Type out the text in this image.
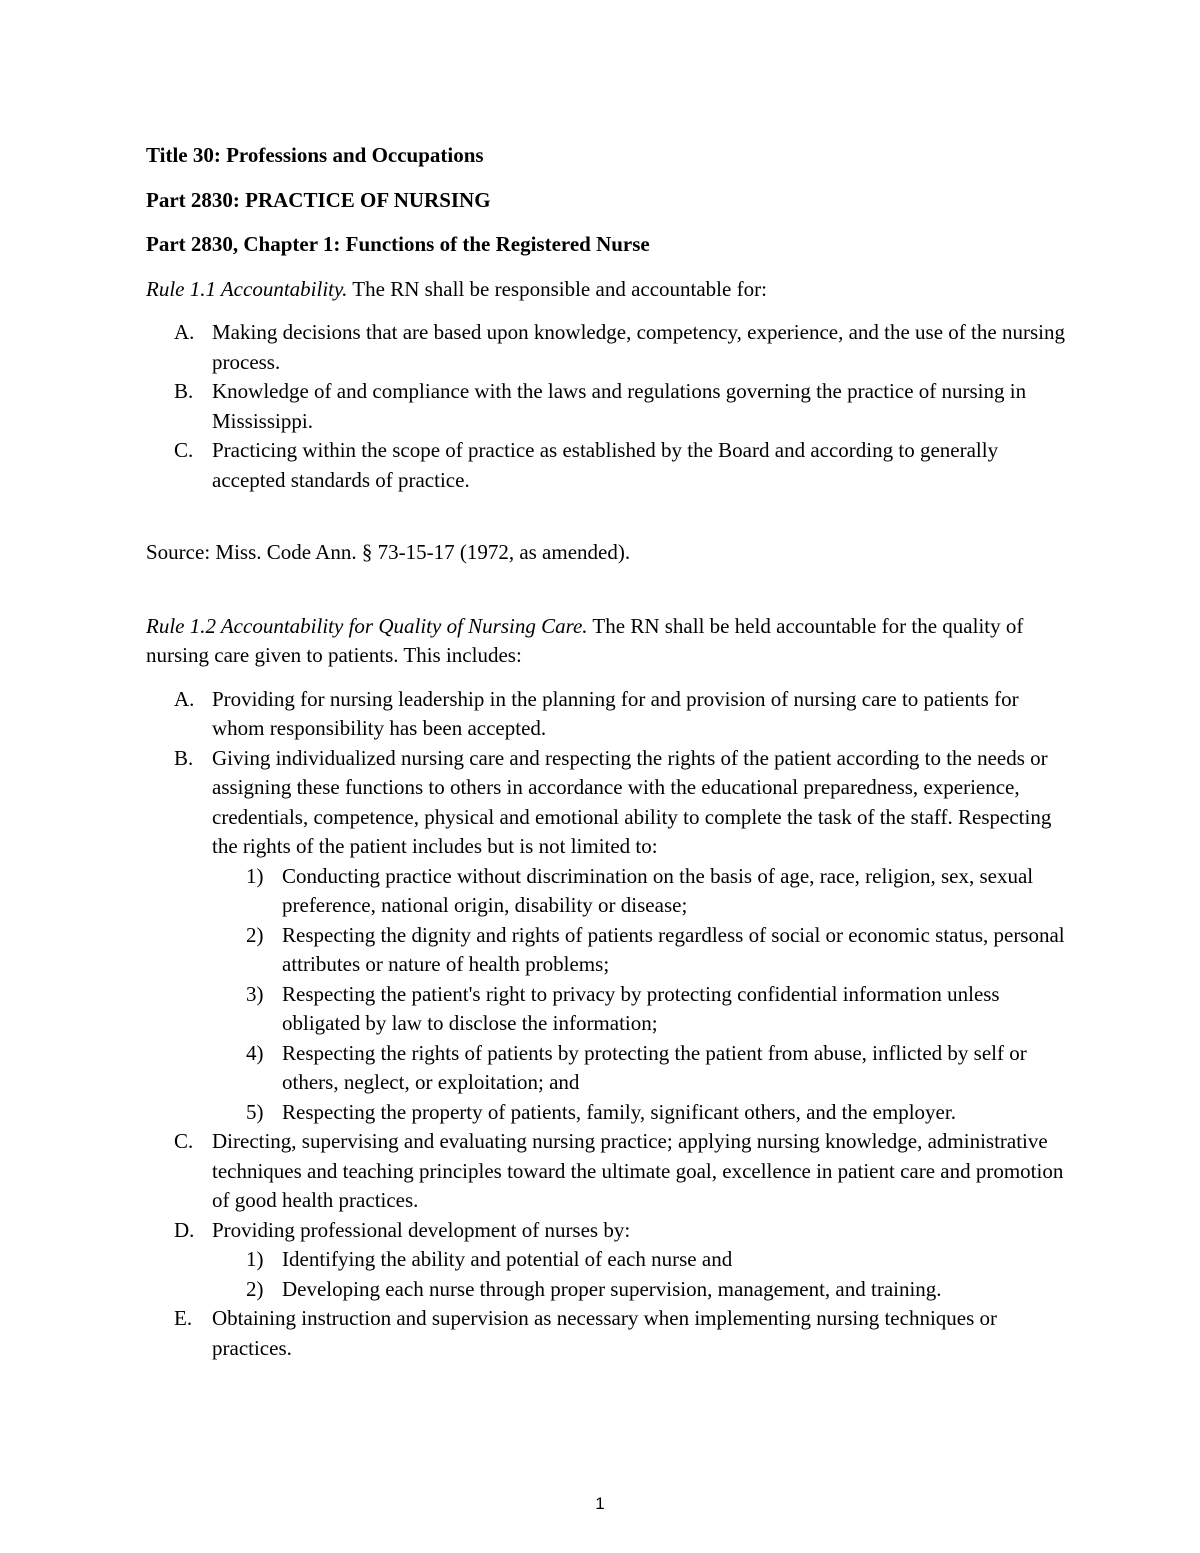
Title 30: Professions and Occupations

Part 2830: PRACTICE OF NURSING

Part 2830, Chapter 1: Functions of the Registered Nurse

Rule 1.1 Accountability. The RN shall be responsible and accountable for:

A. Making decisions that are based upon knowledge, competency, experience, and the use of the nursing process.
B. Knowledge of and compliance with the laws and regulations governing the practice of nursing in Mississippi.
C. Practicing within the scope of practice as established by the Board and according to generally accepted standards of practice.

Source: Miss. Code Ann. § 73-15-17 (1972, as amended).

Rule 1.2 Accountability for Quality of Nursing Care. The RN shall be held accountable for the quality of nursing care given to patients. This includes:

A. Providing for nursing leadership in the planning for and provision of nursing care to patients for whom responsibility has been accepted.
B. Giving individualized nursing care and respecting the rights of the patient according to the needs or assigning these functions to others in accordance with the educational preparedness, experience, credentials, competence, physical and emotional ability to complete the task of the staff. Respecting the rights of the patient includes but is not limited to:
1) Conducting practice without discrimination on the basis of age, race, religion, sex, sexual preference, national origin, disability or disease;
2) Respecting the dignity and rights of patients regardless of social or economic status, personal attributes or nature of health problems;
3) Respecting the patient's right to privacy by protecting confidential information unless obligated by law to disclose the information;
4) Respecting the rights of patients by protecting the patient from abuse, inflicted by self or others, neglect, or exploitation; and
5) Respecting the property of patients, family, significant others, and the employer.
C. Directing, supervising and evaluating nursing practice; applying nursing knowledge, administrative techniques and teaching principles toward the ultimate goal, excellence in patient care and promotion of good health practices.
D. Providing professional development of nurses by:
1) Identifying the ability and potential of each nurse and
2) Developing each nurse through proper supervision, management, and training.
E. Obtaining instruction and supervision as necessary when implementing nursing techniques or practices.
1
